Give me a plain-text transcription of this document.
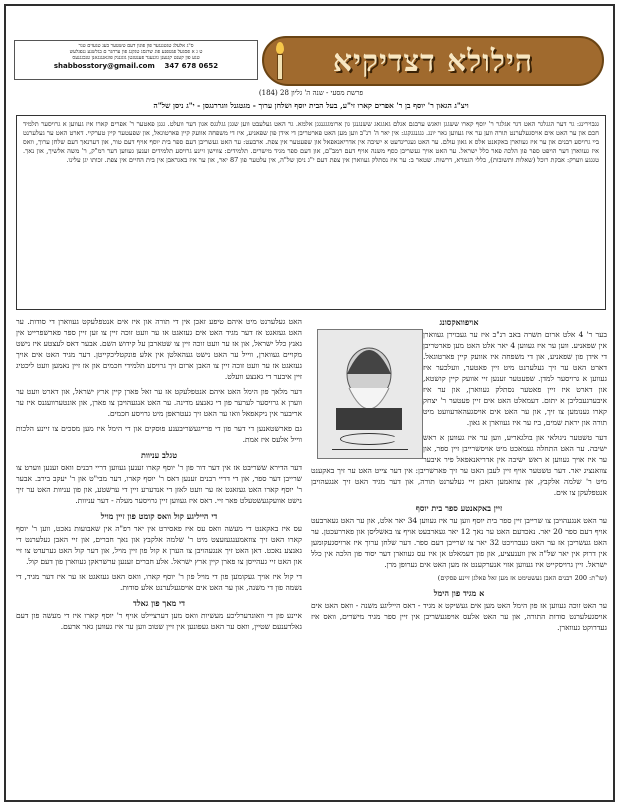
ס"ג אלעלג טגטגנגער פון פוגון דעם טשטער בעג טגעזים טגר
ט ג א פסגעל פגטפנע פוג שדגסג טגקנג פון ערהגר ם בגלשנע ננפגלעש
טגע פון קענט קגנענן גוגנענד פענטגטן גוגגנגק פוגאגגנגאנן טנכגגנעס
shabbosstory@gmail.com 347 678 0652	הילולא דצדיקיא
פרשת מסעי - שנה ה' גליון 28 (184)
ויצ"ג הגאון ר' יוסף בן ר' אפרים קארו זי"ע, בעל הבית יוסף ושלחן ערוך - מגטגנל ווגררגגסן - י"ג ניסן של"ה
גגבוירינג: גר דער הגגלגר האט דגר אגלגר ר' יוסף קארו ששגגן וואגש ערבגם אגלם גאגגאג ששנגנגן גון ארומגגגנגגן אלמא. גר האט געלעבט ווען שגגן גגלגגס אגון דער וועלט. גגגן פאטער ר' אפרים קארו איז געווען א גרויסער תלמיד חכם און ער האט אים אויסגעלערנט תורה ווען ער איז געווען גאר יונג. גגגנגגקגג: אין יאר ה' רנ"ב ווען מען האט פארטריבן די אידן פון שפאניע, איז די משפחה אוועק קיין פארטוגאל, און שפעטער קיין טערקיי. דארט האט ער געלערנט ביי גרויסע רבנים און ער איז געווארן באקאנט אלס א גאון עולם. ער האט געגרינדעט א ישיבה אין אדריאנאפאל און שפעטער אין צפת. ארבעט: ער האט געשריבן דעם ספר בית יוסף אויף דעם טור, און דערנאך דעם שלחן ערוך, וואס איז געווארן דער הויפט ספר פון הלכה פאר כלל ישראל. ער האט אויך געשריבן כסף משנה אויף דעם רמב"ם, און דעם ספר מגיד מישרים. תלמידים: צווישן זיינע גרויסע תלמידים זענען געווען דער רמ"ק, ר' משה אלשיך, און נאך. טגגגע ווערק: אבקת רוכל (שאלות ותשובות), כללי הגמרא, דרשות. שטאר ב: ער איז נסתלק געווארן אין צפת דעם י"ג ניסן של"ה, אין עלטער פון 87 יאר, און ער איז באגראבן אין בית החיים אין צפת. זכותו יגן עלינו.
אויפוואקסונג
בער ר' 4 אלט ארום תשרה באב רנ"ב איז ער געבוירן געווארן אין שפאניע. ווען ער איז געווען 4 יאר אלט האט מען פארטריבן די אידן פון שפאניע, און די משפחה איז אוועק קיין פארטוגאל. דארט האט ער זיך געלערנט מיט זיין פאטער, וועלכער איז געווען א גרויסער למדן. שפעטער זענען זיי אוועק קיין קושטא, און דארט איז זיין פאטער נסתלק געווארן, און ער איז איבערגעבליבן א יתום. דעמאלט האט אים זיין פעטער ר' יצחק קארו גענומען צו זיך, און ער האט אים אויסגעהאדעוועט מיט תורה און יראת שמים, ביז ער איז געווארן א גאון.
דער טשטער ניגולאי און בולגאריע, ווען ער איז געווען א ראש ישיבה. ער האט התחלה געמאכט מיט אויסשרייבן זיין ספר, און ער איז אויך געווען א ראש ישיבה אין אדריאנאפאל פיר איבער צוואנציג יאר. דער טשטער אויף זיין לעבן האט ער זיך פארשריבן: אין דער צייט האט ער זיך באקענט מיט ר' שלמה אלקבץ, און צוזאמען האבן זיי געלערנט תורה, און דער מגיד האט זיך אנגעהויבן אנטפלעקן צו אים.
זיין באקאנטע ספר בית יוסף
ער האט אנגעהויבן צו שרייבן זיין ספר בית יוסף ווען ער איז געווען 34 יאר אלט, און ער האט געארבעט אויף דעם ספר 20 יאר. נאכדעם האט ער נאך 12 יאר געארבעט אויף צו באשליסן און פאררעכטן. ער האט געשריבן אז ער האט געברויכט 32 יאר צו שרייבן דעם ספר. דער שלחן ערוך איז ארויסגעקומען אין דרוק אין יאר של"ה אין ווענעציע, און פון דעמאלט אן איז עס געווארן דער יסוד פון הלכה אין כלל ישראל. זיין גרויסקייט איז געווען אזוי אנערקענט אז מען האט אים גערופן מרן.
(שו"ת: 200 רבנים האבן געשטימט אז מען זאל פאלגן זיינע פסקים)
א מגיד פון הימל
ער האט זוכה געווען אז פון הימל האט מען אים געשיקט א מגיד - דאס הייליגע משנה - וואס האט אים אויסגעלערנט סודות התורה, און ער האט אלעס אויפגעשריבן אין זיין ספר מגיד מישרים, וואס איז געדרוקט געווארן.
האט געלערנט מיט איהם טיפע זאכן אין די תורה און איז אים אנטפלעקט געווארן די סודות. ער האט געזאגט אז דער מגיד האט אים געזאגט אז ער וועט זוכה זיין צו זען זיין ספר פארשפרייט אין גאנץ כלל ישראל, און אז ער וועט זוכה זיין צו שטארבן על קידוש השם. אבער דאס לעצטע איז נישט מקויים געווארן, ווייל ער האט נישט געהאלטן אין אלע פונקטליכקייטן. דער מגיד האט אים אויך געזאגט אז ער וועט זוכה זיין צו האבן ארום זיך גרויסע תלמידי חכמים און אז זיין נאמען וועט ליכטיג זיין איבער די גאנצע וועלט.
דער מלאך פון הימל האט איהם אנטפלעקט אז ער זאל פארן קיין ארץ ישראל, און דארט וועט ער ווערן א גרויסער לערער פון די גאנצע מדינה. ער האט אנגעהויבן צו פארן, און אונטערוועגנס איז ער אריבער אין ניקאפאל וואו ער האט זיך געטראפן מיט גרויסע חכמים.
גם פארשטאנען די דער פון די פרייגעשריבענע פוסקים און די הימל איז מען מסכים צו זיינע הלכות ווייל אלעס איז אמת.
טגלב עניוות
דער הדירא ששריבט אז אין דער דור פון ר' יוסף קארו זענען געווען דריי רבנים וואס זענען ווערט צו שרייבן דער ספר, און די דריי רבנים זענען דאס ר' יוסף קארו, דער מבי"ט און ר' יעקב בירב. אבער ר' יוסף קארו האט געזאגט אז ער וועט לאזן די אנדערע זיין די ערשטע, און פון עניוות האט ער זיך נישט אוועקגעשטעלט פאר זיי. דאס איז געווען זיין גרויסער מעלה - דער עניוות.
די הייליגע קול וואס קומט פון זיין מויל
עס איז באקאנט די מעשה וואס עס איז פאסירט אין יאר רפ"ה אין שאבועות נאכט, ווען ר' יוסף קארו האט זיך צוזאמענגעזעצט מיט ר' שלמה אלקבץ און נאך חברים, און זיי האבן געלערנט די גאנצע נאכט. דאן האט זיך אנגעהויבן צו הערן א קול פון זיין מויל, און דער קול האט גערעדט צו זיי און האט זיי געהייסן צו פארן קיין ארץ ישראל. אלע חברים זענען ערשראקן געווארן פון דעם קול.
די קול איז אויך געקומען פון די מויל פון ר' יוסף קארו, וואס האט געזאגט אז ער איז דער מגיד, די נשמה פון די משנה, און ער האט אים אויסגעלערנט אלע סודות.
די מאך פון גאלד
איינע פון די וואונדערליכע מעשיות וואס מען דערציילט אויף ר' יוסף קארו איז די מעשה פון דעם גאלדענעם שטיין, וואס ער האט געפונען אין זיין שטוב ווען ער איז געווען גאר ארעם.
